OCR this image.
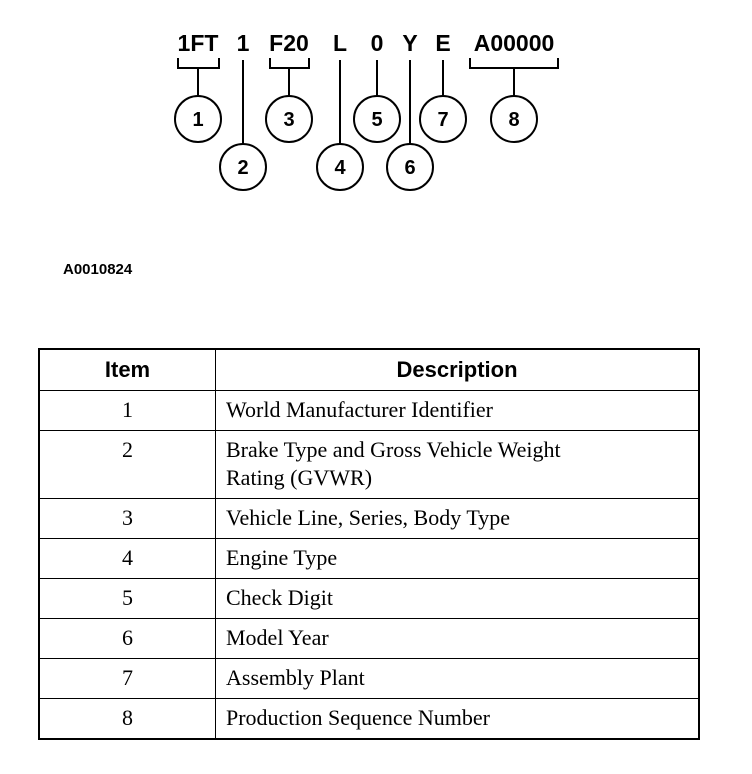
1FT 1 F20 L 0 Y E A00000
1
2
3
4
5
6
7	8
A0010824
Item	Description
1	World Manufacturer Identifier
2	Brake Type and Gross Vehicle Weight
Rating (GVWR)
3	Vehicle Line, Series, Body Type
4	Engine Type
5	Check Digit
6	Model Year
7	Assembly Plant
8	Production Sequence Number
